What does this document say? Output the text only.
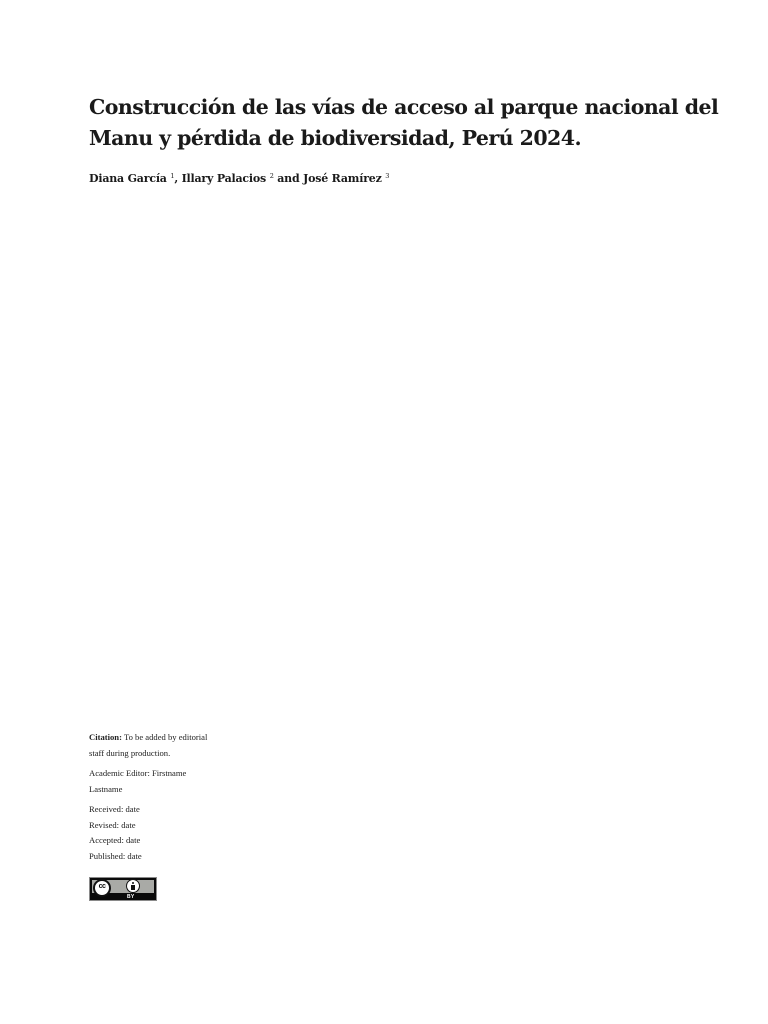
Construcción de las vías de acceso al parque nacional del
Manu y pérdida de biodiversidad, Perú 2024.
Diana García $^1$, Illary Palacios $^2$ and José Ramírez $^3$
Citation: To be added by editorial
staff during production.
Academic Editor: Firstname
Lastname
Received: date
Revised: date
Accepted: date
Published: date
cc
BY
